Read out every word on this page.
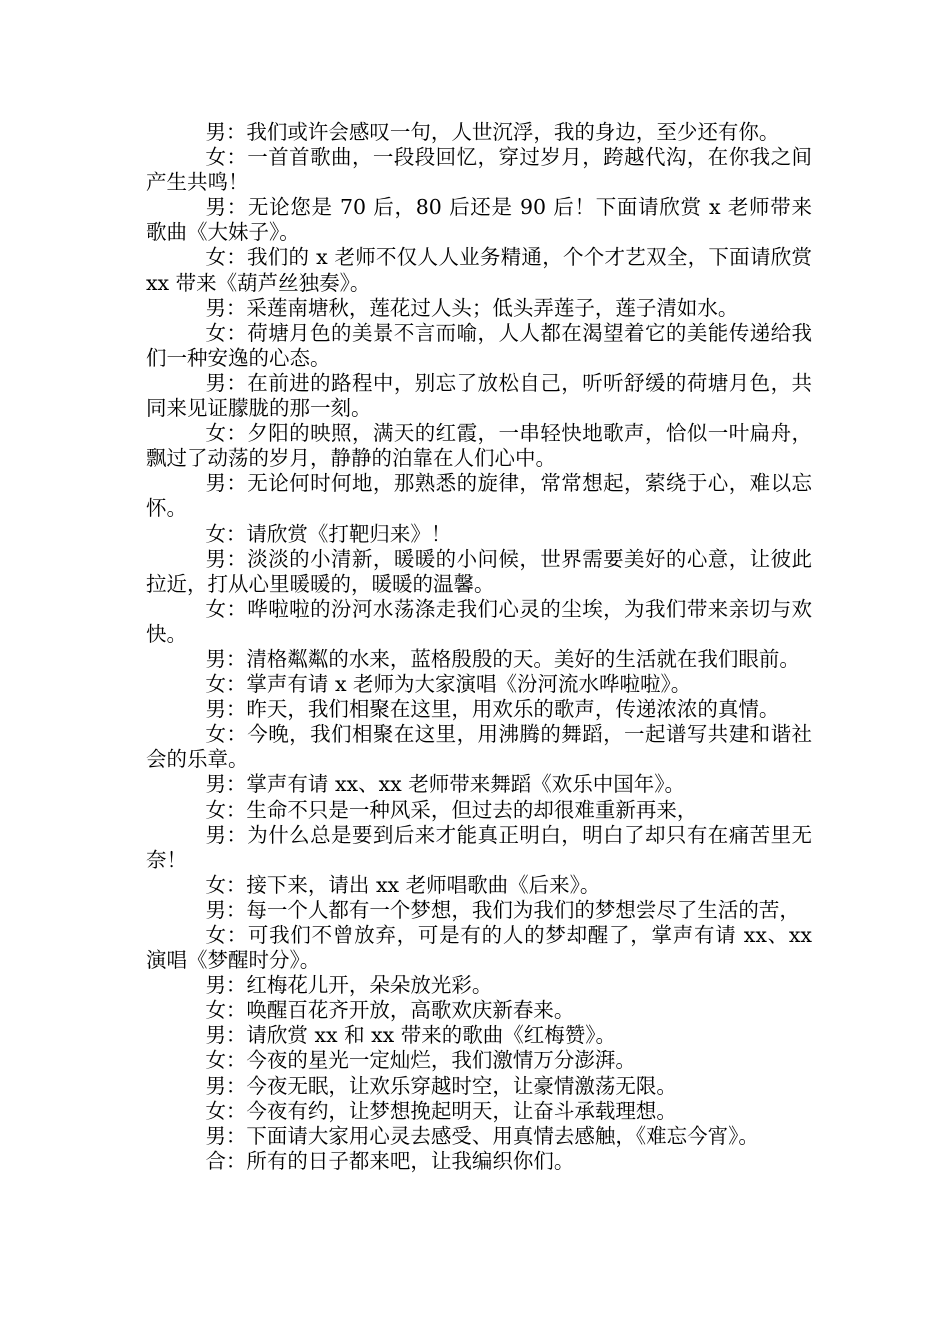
男：我们或许会感叹一句，人世沉浮，我的身边，至少还有你。

女：一首首歌曲，一段段回忆，穿过岁月，跨越代沟，在你我之间产生共鸣！

男：无论您是 70 后，80 后还是 90 后！下面请欣赏 x 老师带来歌曲《大妹子》。

女：我们的 x 老师不仅人人业务精通，个个才艺双全，下面请欣赏 xx 带来《葫芦丝独奏》。

男：采莲南塘秋，莲花过人头；低头弄莲子，莲子清如水。

女：荷塘月色的美景不言而喻，人人都在渴望着它的美能传递给我们一种安逸的心态。

男：在前进的路程中，别忘了放松自己，听听舒缓的荷塘月色，共同来见证朦胧的那一刻。

女：夕阳的映照，满天的红霞，一串轻快地歌声，恰似一叶扁舟，飘过了动荡的岁月，静静的泊靠在人们心中。

男：无论何时何地，那熟悉的旋律，常常想起，萦绕于心，难以忘怀。

女：请欣赏《打靶归来》！

男：淡淡的小清新，暖暖的小问候，世界需要美好的心意，让彼此拉近，打从心里暖暖的，暖暖的温馨。

女：哗啦啦的汾河水荡涤走我们心灵的尘埃，为我们带来亲切与欢快。

男：清格粼粼的水来，蓝格殷殷的天。美好的生活就在我们眼前。

女：掌声有请 x 老师为大家演唱《汾河流水哗啦啦》。

男：昨天，我们相聚在这里，用欢乐的歌声，传递浓浓的真情。

女：今晚，我们相聚在这里，用沸腾的舞蹈，一起谱写共建和谐社会的乐章。

男：掌声有请 xx、xx 老师带来舞蹈《欢乐中国年》。

女：生命不只是一种风采，但过去的却很难重新再来，

男：为什么总是要到后来才能真正明白，明白了却只有在痛苦里无奈！

女：接下来，请出 xx 老师唱歌曲《后来》。

男：每一个人都有一个梦想，我们为我们的梦想尝尽了生活的苦，

女：可我们不曾放弃，可是有的人的梦却醒了，掌声有请 xx、xx 演唱《梦醒时分》。

男：红梅花儿开，朵朵放光彩。

女：唤醒百花齐开放，高歌欢庆新春来。

男：请欣赏 xx 和 xx 带来的歌曲《红梅赞》。

女：今夜的星光一定灿烂，我们激情万分澎湃。

男：今夜无眠，让欢乐穿越时空，让豪情激荡无限。

女：今夜有约，让梦想挽起明天，让奋斗承载理想。

男：下面请大家用心灵去感受、用真情去感触，《难忘今宵》。

合：所有的日子都来吧，让我编织你们。
